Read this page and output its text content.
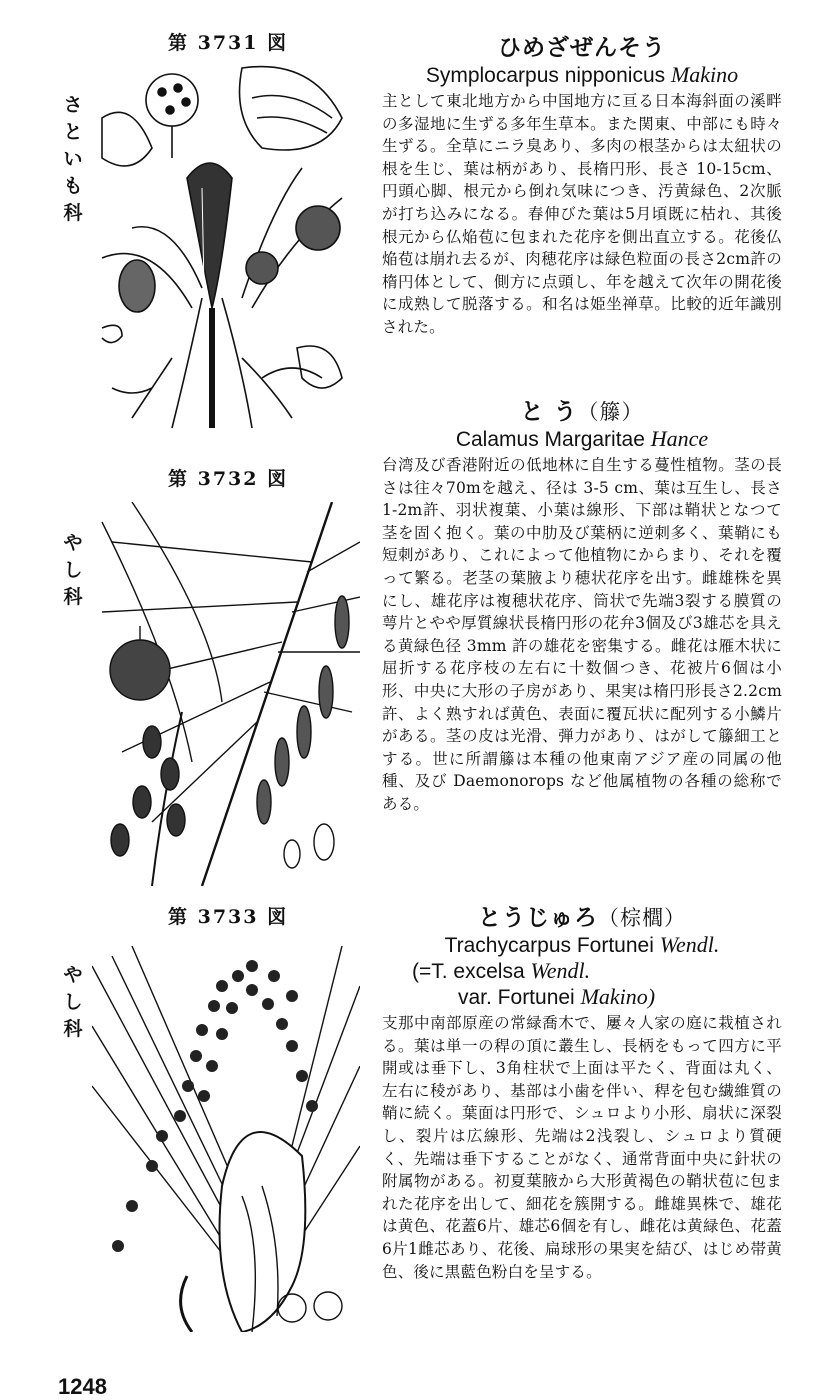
第 3731 図
第 3732 図
第 3733 図
さ
と
い
も
科
や
し
科
や
し
科
ひめざぜんそう
Symplocarpus nipponicus Makino
主として東北地方から中国地方に亘る日本海斜面の溪畔の多湿地に生ずる多年生草本。また関東、中部にも時々生ずる。全草にニラ臭あり、多肉の根茎からは太紐状の根を生じ、葉は柄があり、長楕円形、長さ 10-15cm、円頭心脚、根元から倒れ気味につき、汚黄緑色、2次脈が打ち込みになる。春伸びた葉は5月頃既に枯れ、其後根元から仏焔苞に包まれた花序を側出直立する。花後仏焔苞は崩れ去るが、肉穂花序は緑色粒面の長さ2cm許の楕円体として、側方に点頭し、年を越えて次年の開花後に成熟して脱落する。和名は姫坐禅草。比較的近年識別された。
と う（籐）
Calamus Margaritae Hance
台湾及び香港附近の低地林に自生する蔓性植物。茎の長さは往々70mを越え、径は 3-5 cm、葉は互生し、長さ1-2m許、羽状複葉、小葉は線形、下部は鞘状となつて茎を固く抱く。葉の中肋及び葉柄に逆刺多く、葉鞘にも短刺があり、これによって他植物にからまり、それを覆って繁る。老茎の葉腋より穂状花序を出す。雌雄株を異にし、雄花序は複穂状花序、筒状で先端3裂する膜質の萼片とやや厚質線状長楕円形の花弁3個及び3雄芯を具える黄緑色径 3mm 許の雄花を密集する。雌花は雁木状に屈折する花序枝の左右に十数個つき、花被片6個は小形、中央に大形の子房があり、果実は楕円形長さ2.2cm許、よく熟すれば黄色、表面に覆瓦状に配列する小鱗片がある。茎の皮は光滑、弾力があり、はがして籐細工とする。世に所謂籐は本種の他東南アジア産の同属の他種、及び Daemonorops など他属植物の各種の総称である。
とうじゅろ（棕櫚）
Trachycarpus Fortunei Wendl.
(=T. excelsa Wendl.
var. Fortunei Makino)
支那中南部原産の常緑喬木で、屢々人家の庭に栽植される。葉は単一の稈の頂に叢生し、長柄をもって四方に平開或は垂下し、3角柱状で上面は平たく、背面は丸く、左右に稜があり、基部は小歯を伴い、稈を包む繊維質の鞘に続く。葉面は円形で、シュロより小形、扇状に深裂し、裂片は広線形、先端は2浅裂し、シュロより質硬く、先端は垂下することがなく、通常背面中央に針状の附属物がある。初夏葉腋から大形黄褐色の鞘状苞に包まれた花序を出して、細花を簇開する。雌雄異株で、雄花は黄色、花蓋6片、雄芯6個を有し、雌花は黄緑色、花蓋6片1雌芯あり、花後、扁球形の果実を結び、はじめ帯黄色、後に黒藍色粉白を呈する。
1248
